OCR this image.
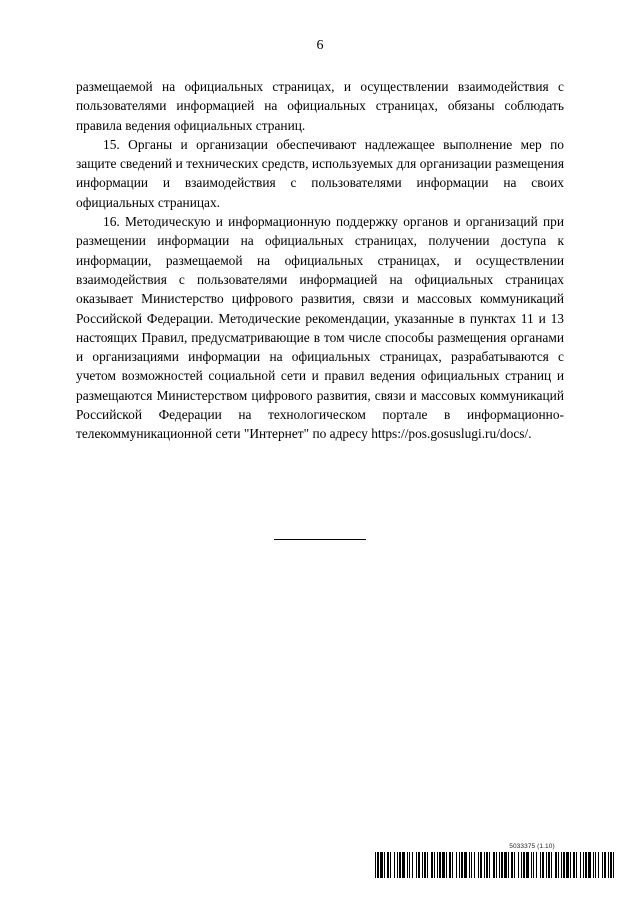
6

размещаемой на официальных страницах, и осуществлении взаимодействия с пользователями информацией на официальных страницах, обязаны соблюдать правила ведения официальных страниц.

15. Органы и организации обеспечивают надлежащее выполнение мер по защите сведений и технических средств, используемых для организации размещения информации и взаимодействия с пользователями информации на своих официальных страницах.

16. Методическую и информационную поддержку органов и организаций при размещении информации на официальных страницах, получении доступа к информации, размещаемой на официальных страницах, и осуществлении взаимодействия с пользователями информацией на официальных страницах оказывает Министерство цифрового развития, связи и массовых коммуникаций Российской Федерации. Методические рекомендации, указанные в пунктах 11 и 13 настоящих Правил, предусматривающие в том числе способы размещения органами и организациями информации на официальных страницах, разрабатываются с учетом возможностей социальной сети и правил ведения официальных страниц и размещаются Министерством цифрового развития, связи и массовых коммуникаций Российской Федерации на технологическом портале в информационно-телекоммуникационной сети "Интернет" по адресу https://pos.gosuslugi.ru/docs/.

5033375 (1.10)
